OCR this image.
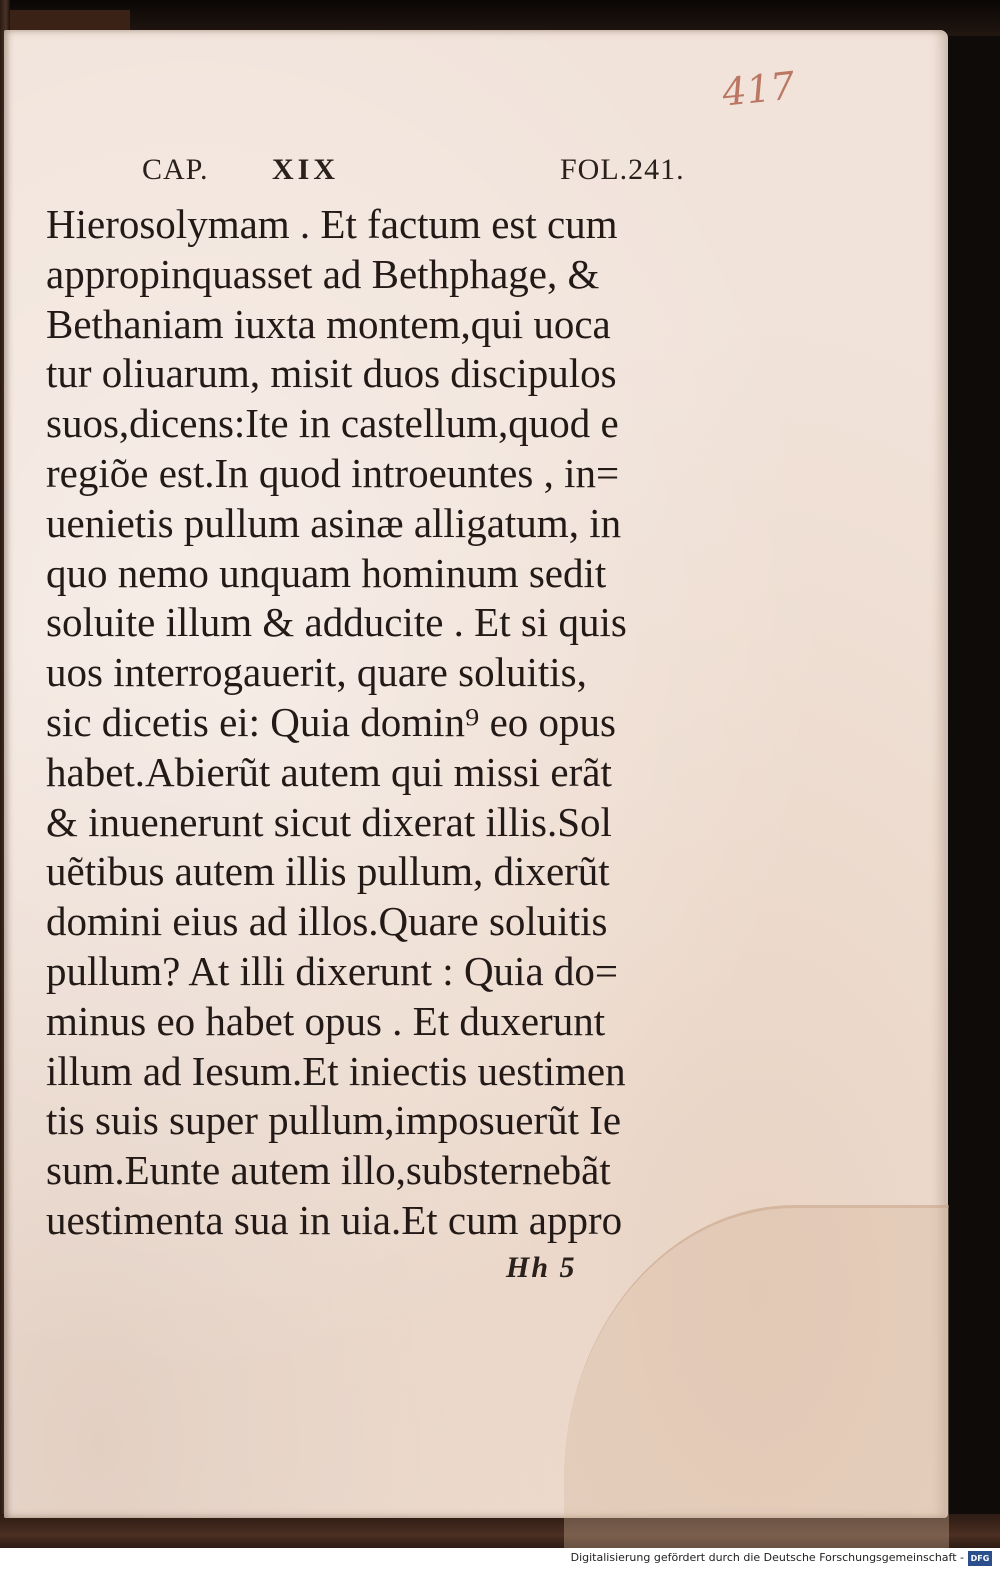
417
CAP. XIX	FOL.241.
Hierosolymam . Et factum est cum
appropinquasset ad Bethphage, &
Bethaniam iuxta montem,qui uoca
tur oliuarum, misit duos discipulos
suos,dicens:Ite in castellum,quod e
regiõe est.In quod introeuntes , in=
uenietis pullum asinæ alligatum, in
quo nemo unquam hominum sedit
soluite illum & adducite . Et si quis
uos interrogauerit, quare soluitis,
sic dicetis ei: Quia domin⁹ eo opus
habet.Abierũt autem qui missi erãt
& inuenerunt sicut dixerat illis.Sol
uẽtibus autem illis pullum, dixerũt
domini eius ad illos.Quare soluitis
pullum? At illi dixerunt : Quia do=
minus eo habet opus . Et duxerunt
illum ad Iesum.Et iniectis uestimen
tis suis super pullum,imposuerũt Ie
sum.Eunte autem illo,substernebãt
uestimenta sua in uia.Et cum appro
Hh 5
Digitalisierung gefördert durch die Deutsche Forschungsgemeinschaft - DFG
